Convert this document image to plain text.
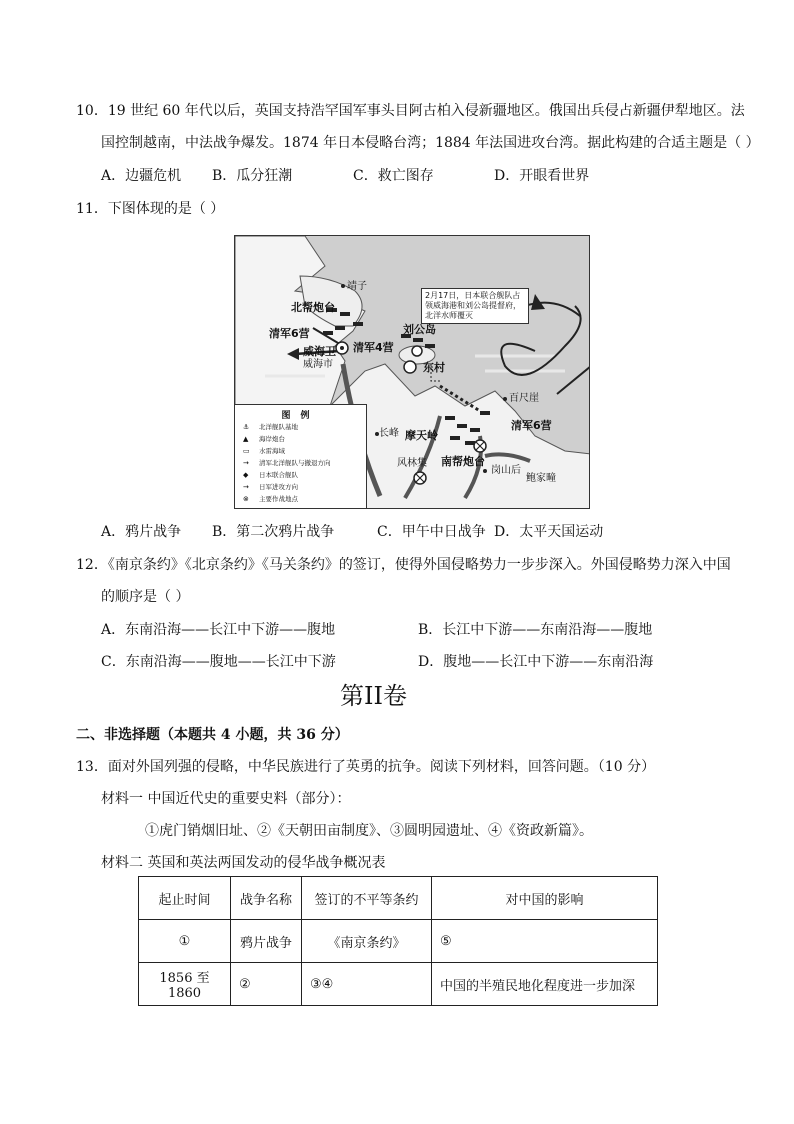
10．19 世纪 60 年代以后，英国支持浩罕国军事头目阿古柏入侵新疆地区。俄国出兵侵占新疆伊犁地区。法
国控制越南，中法战争爆发。1874 年日本侵略台湾；1884 年法国进攻台湾。据此构建的合适主题是（ ）
A．边疆危机 B．瓜分狂潮	C．救亡图存	D．开眼看世界
11．下图体现的是（ ）
2月17日，日本联合舰队占领威海港和刘公岛提督府，北洋水师覆灭
靖子
北帮炮台
清军6营
威海卫
威海市
清军4营
刘公岛
东村
百尺崖
清军6营
长峰 摩天岭
南帮炮台
风林集
岗山后
鲍家疃
图例
⚓ 北洋舰队基地
▲ 海岸炮台
▭ 水雷海域
→ 清军北洋舰队与撤退方向
◆ 日本联合舰队
→ 日军进攻方向
⊗ 主要作战地点
A．鸦片战争 B．第二次鸦片战争	C．甲午中日战争 D．太平天国运动
12．《南京条约》《北京条约》《马关条约》的签订，使得外国侵略势力一步步深入。外国侵略势力深入中国
的顺序是（ ）
A．东南沿海——长江中下游——腹地	B．长江中下游——东南沿海——腹地
C．东南沿海——腹地——长江中下游	D．腹地——长江中下游——东南沿海
第II卷
二、非选择题（本题共 4 小题，共 36 分）
13．面对外国列强的侵略，中华民族进行了英勇的抗争。阅读下列材料，回答问题。（10 分）
材料一 中国近代史的重要史料（部分）：
①虎门销烟旧址、②《天朝田亩制度》、③圆明园遗址、④《资政新篇》。
材料二 英国和英法两国发动的侵华战争概况表
起止时间	战争名称	签订的不平等条约	对中国的影响
①	鸦片战争	《南京条约》	⑤
1856 至 1860	②	③④	中国的半殖民地化程度进一步加深
